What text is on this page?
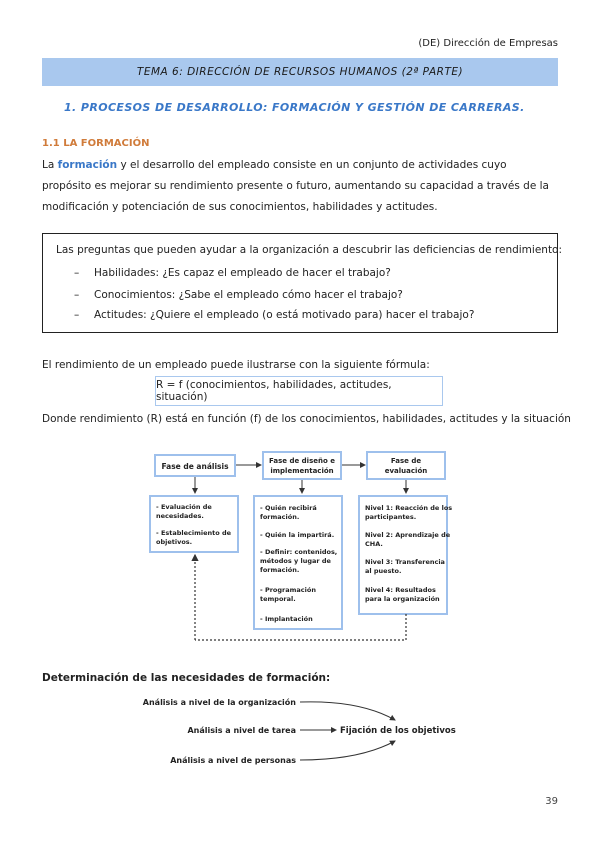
(DE) Dirección de Empresas
TEMA 6: DIRECCIÓN DE RECURSOS HUMANOS (2ª PARTE)
1. PROCESOS DE DESARROLLO: FORMACIÓN Y GESTIÓN DE CARRERAS.
1.1 LA FORMACIÓN
La formación y el desarrollo del empleado consiste en un conjunto de actividades cuyo propósito es mejorar su rendimiento presente o futuro, aumentando su capacidad a través de la modificación y potenciación de sus conocimientos, habilidades y actitudes.
Las preguntas que pueden ayudar a la organización a descubrir las deficiencias de rendimiento:
– Habilidades: ¿Es capaz el empleado de hacer el trabajo?
– Conocimientos: ¿Sabe el empleado cómo hacer el trabajo?
– Actitudes: ¿Quiere el empleado (o está motivado para) hacer el trabajo?
El rendimiento de un empleado puede ilustrarse con la siguiente fórmula:
R = f (conocimientos, habilidades, actitudes, situación)
Donde rendimiento (R) está en función (f) de los conocimientos, habilidades, actitudes y la situación
Fase de análisis
Fase de diseño e
implementación
Fase de
evaluación
- Evaluación de
necesidades.
- Establecimiento de
objetivos.
- Quién recibirá
formación.
- Quién la impartirá.
- Definir: contenidos,
métodos y lugar de
formación.
- Programación
temporal.
- Implantación
Nivel 1: Reacción de los
participantes.
Nivel 2: Aprendizaje de
CHA.
Nivel 3: Transferencia
al puesto.
Nivel 4: Resultados
para la organización
Determinación de las necesidades de formación:
Análisis a nivel de la organización
Análisis a nivel de tarea
Análisis a nivel de personas
Fijación de los objetivos
39
